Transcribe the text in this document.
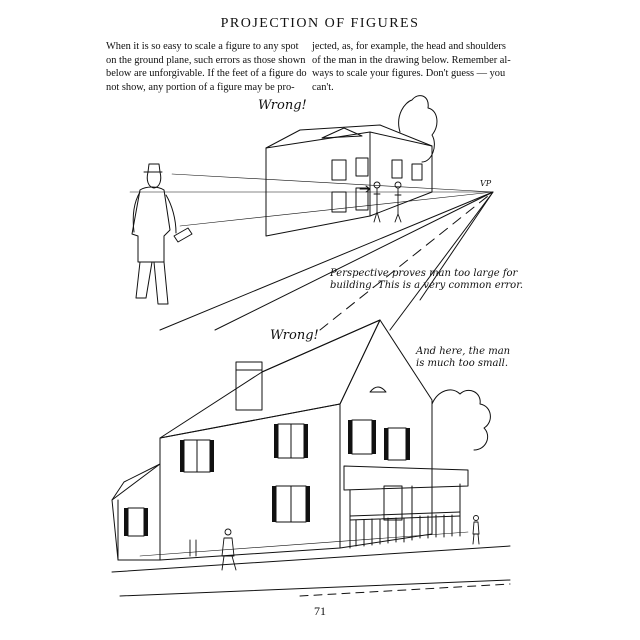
PROJECTION OF FIGURES
When it is so easy to scale a figure to any spot
on the ground plane, such errors as those shown
below are unforgivable. If the feet of a figure do
not show, any portion of a figure may be pro-
jected, as, for example, the head and shoulders
of the man in the drawing below. Remember al-
ways to scale your figures. Don't guess — you
can't.
Wrong!
VP
Perspective proves man too large for
building. This is a very common error.
Wrong!
And here, the man
is much too small.
71
